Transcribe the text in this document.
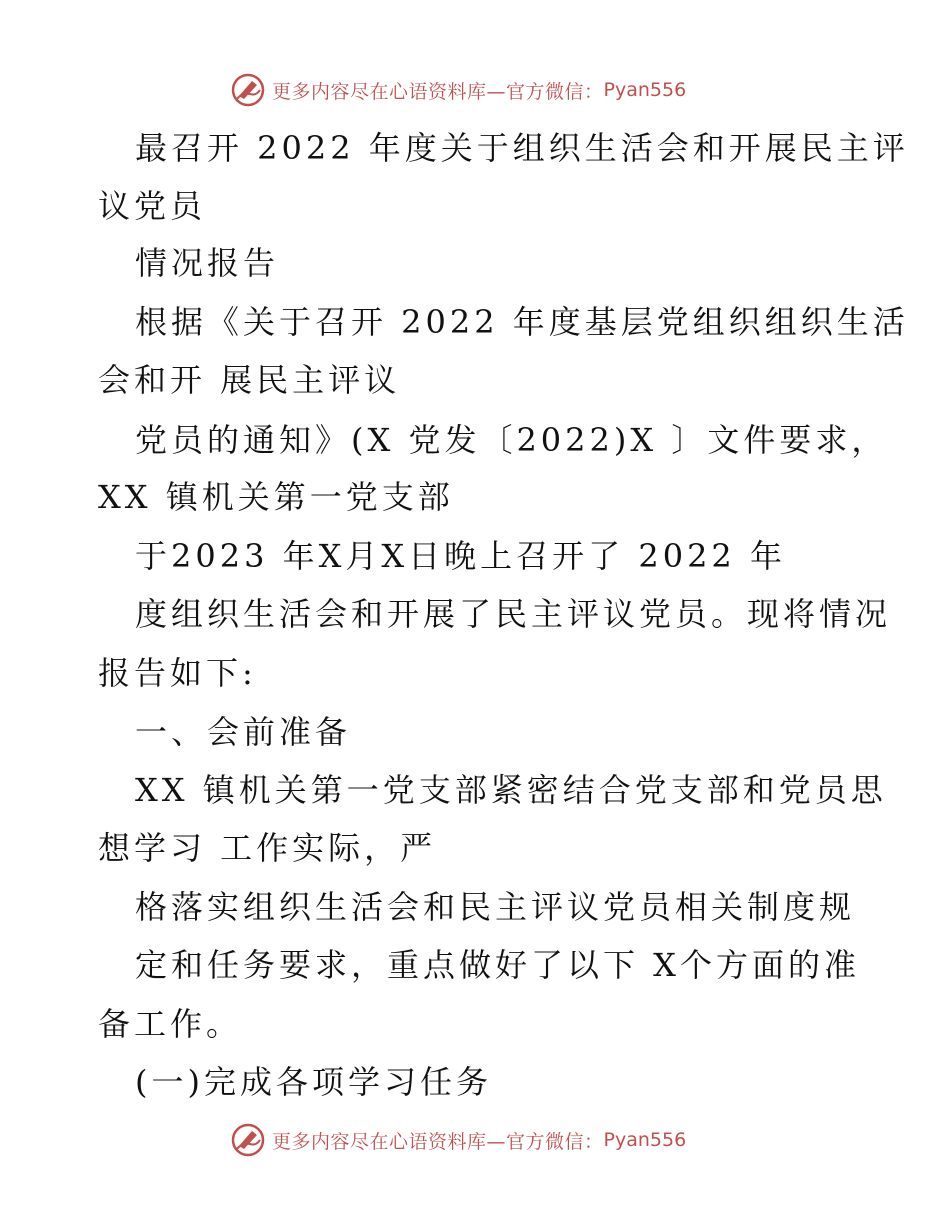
更多内容尽在心语资料库—官方微信： Pyan556
最召开 2022 年度关于组织生活会和开展民主评
议党员
情况报告
根据《关于召开 2022 年度基层党组织组织生活
会和开 展民主评议
党员的通知》(X 党发〔2022)X 〕文件要求，
XX 镇机关第一党支部
于2023 年X月X日晚上召开了 2022 年
度组织生活会和开展了民主评议党员。现将情况
报告如下:
一、会前准备
XX 镇机关第一党支部紧密结合党支部和党员思
想学习 工作实际，严
格落实组织生活会和民主评议党员相关制度规
定和任务要求，重点做好了以下 X个方面的准
备工作。
(一)完成各项学习任务
更多内容尽在心语资料库—官方微信： Pyan556
